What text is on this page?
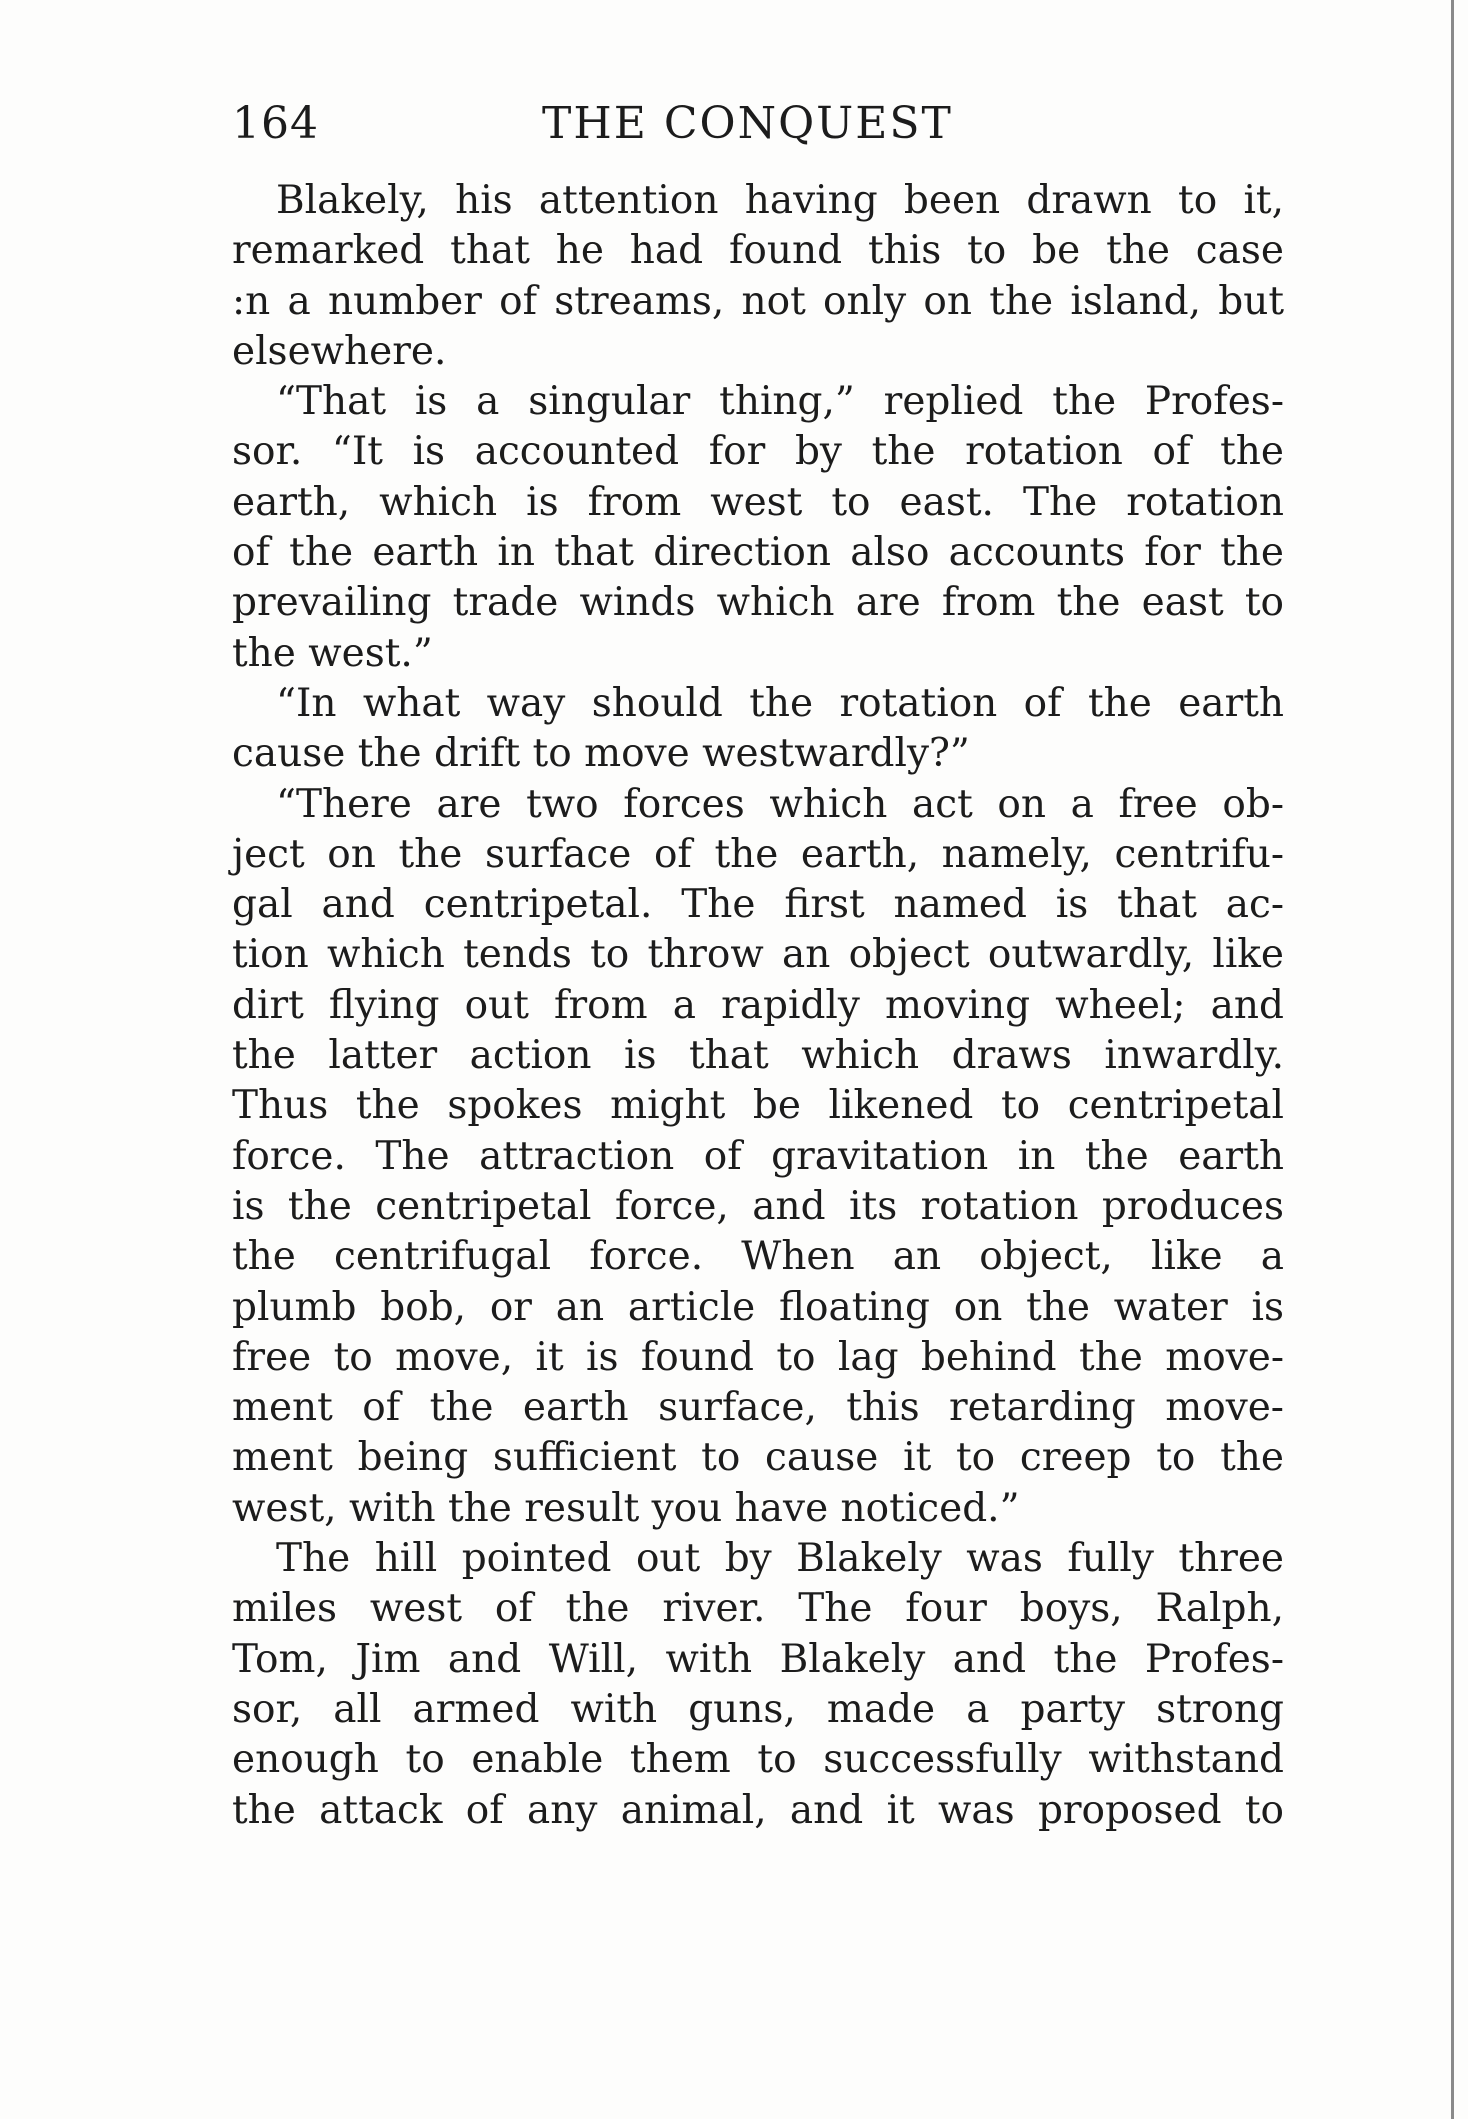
164	THE CONQUEST
Blakely, his attention having been drawn to it,
remarked that he had found this to be the case
:n a number of streams, not only on the island, but
elsewhere.
“That is a singular thing,” replied the Profes-
sor. “It is accounted for by the rotation of the
earth, which is from west to east. The rotation
of the earth in that direction also accounts for the
prevailing trade winds which are from the east to
the west.”
“In what way should the rotation of the earth
cause the drift to move westwardly?”
“There are two forces which act on a free ob-
ject on the surface of the earth, namely, centrifu-
gal and centripetal. The first named is that ac-
tion which tends to throw an object outwardly, like
dirt flying out from a rapidly moving wheel; and
the latter action is that which draws inwardly.
Thus the spokes might be likened to centripetal
force. The attraction of gravitation in the earth
is the centripetal force, and its rotation produces
the centrifugal force. When an object, like a
plumb bob, or an article floating on the water is
free to move, it is found to lag behind the move-
ment of the earth surface, this retarding move-
ment being sufficient to cause it to creep to the
west, with the result you have noticed.”
The hill pointed out by Blakely was fully three
miles west of the river. The four boys, Ralph,
Tom, Jim and Will, with Blakely and the Profes-
sor, all armed with guns, made a party strong
enough to enable them to successfully withstand
the attack of any animal, and it was proposed to
